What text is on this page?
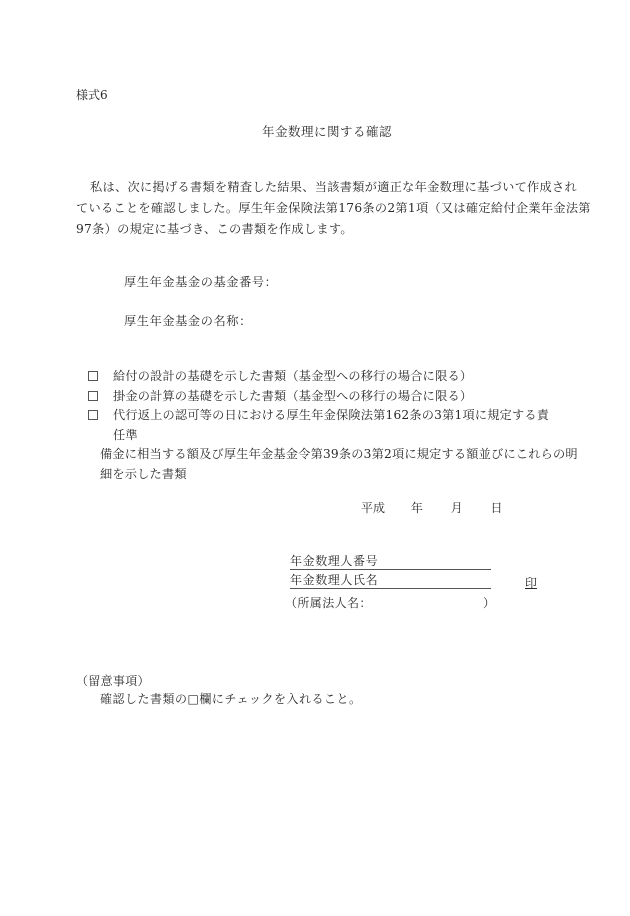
様式6
年金数理に関する確認
私は、次に掲げる書類を精査した結果、当該書類が適正な年金数理に基づいて作成され
ていることを確認しました。厚生年金保険法第176条の2第1項（又は確定給付企業年金法第
97条）の規定に基づき、この書類を作成します。
厚生年金基金の基金番号：
厚生年金基金の名称：
給付の設計の基礎を示した書類（基金型への移行の場合に限る）
掛金の計算の基礎を示した書類（基金型への移行の場合に限る）
代行返上の認可等の日における厚生年金保険法第162条の3第1項に規定する責任準
備金に相当する額及び厚生年金基金令第39条の3第2項に規定する額並びにこれらの明
細を示した書類
平成 年 月 日
年金数理人番号
年金数理人氏名	印
（所属法人名：	）
（留意事項）
確認した書類の□欄にチェックを入れること。
